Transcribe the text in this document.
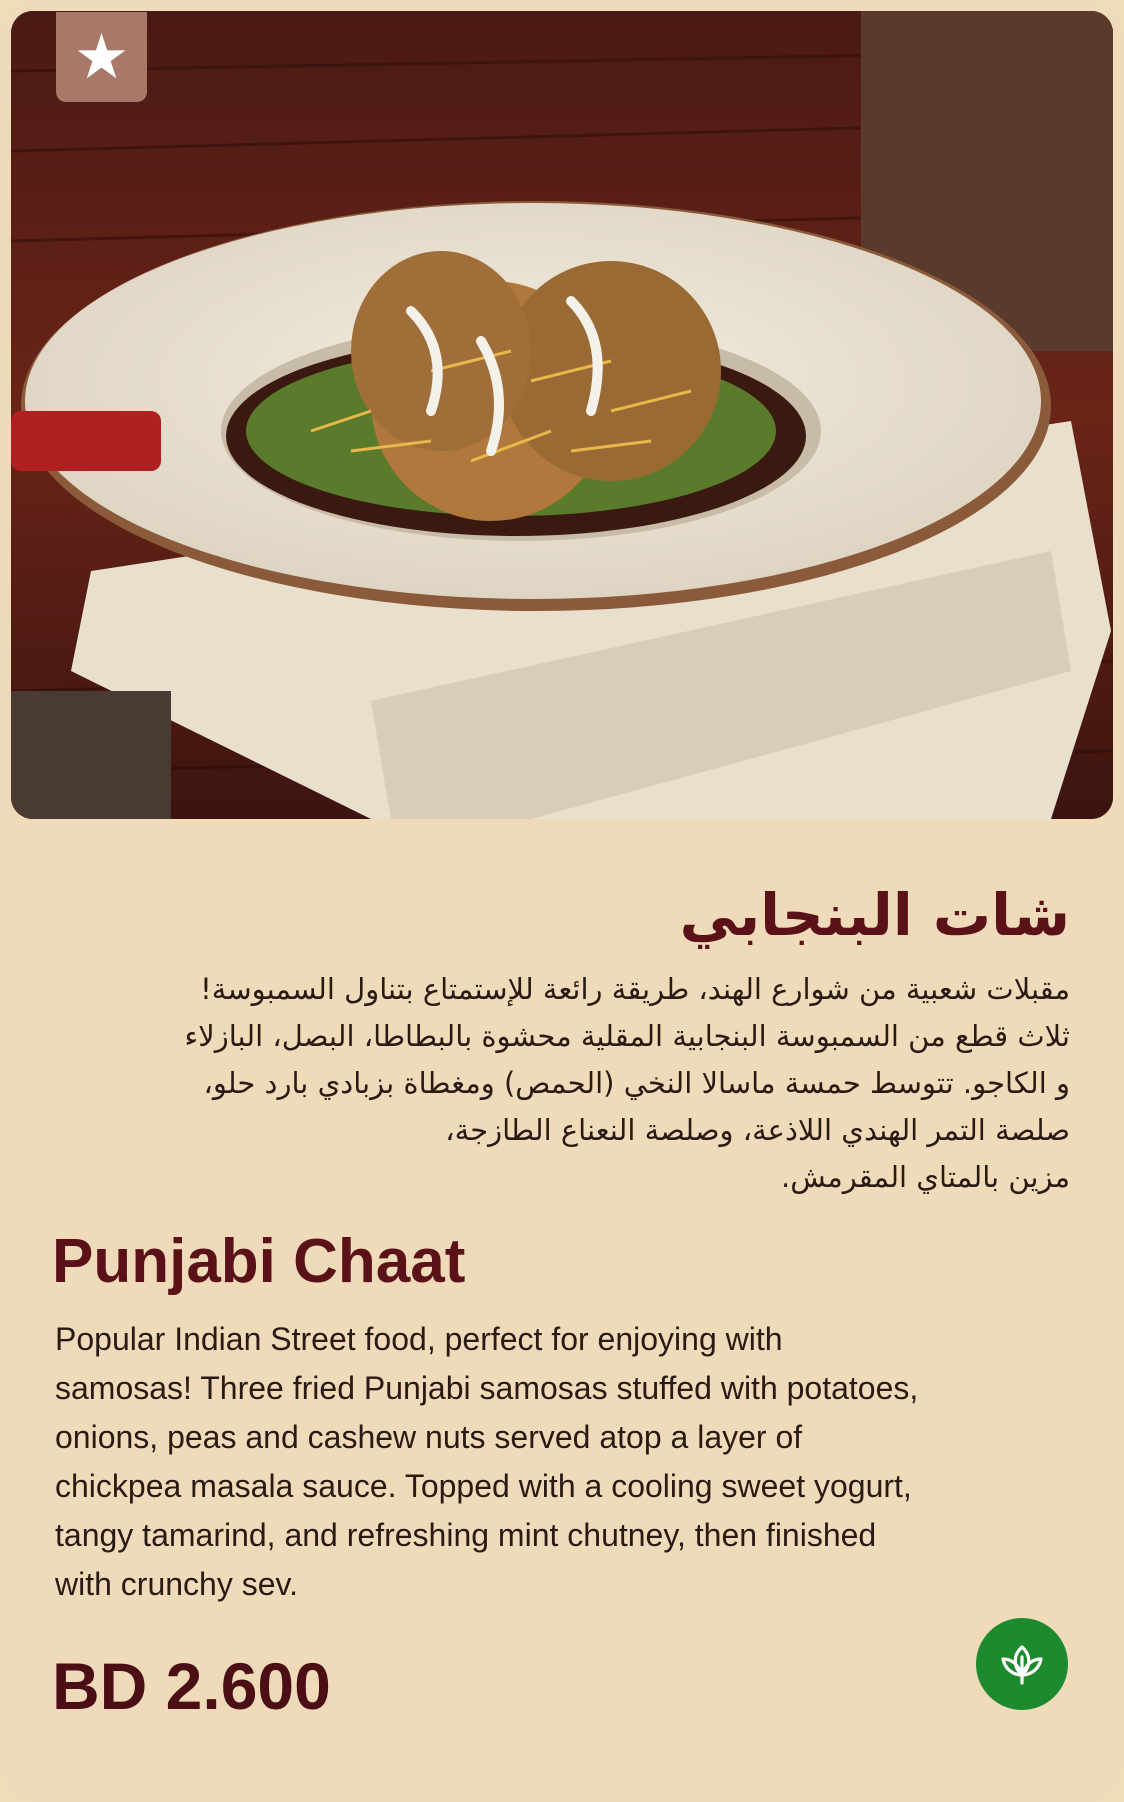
★
شات البنجابي
مقبلات شعبية من شوارع الهند، طريقة رائعة للإستمتاع بتناول السمبوسة!
ثلاث قطع من السمبوسة البنجابية المقلية محشوة بالبطاطا، البصل، البازلاء
و الكاجو. تتوسط حمسة ماسالا النخي (الحمص) ومغطاة بزبادي بارد حلو،
صلصة التمر الهندي اللاذعة، وصلصة النعناع الطازجة،
مزين بالمتاي المقرمش.
Punjabi Chaat
Popular Indian Street food, perfect for enjoying with
samosas! Three fried Punjabi samosas stuffed with potatoes,
onions, peas and cashew nuts served atop a layer of
chickpea masala sauce. Topped with a cooling sweet yogurt,
tangy tamarind, and refreshing mint chutney, then finished
with crunchy sev.
BD 2.600
